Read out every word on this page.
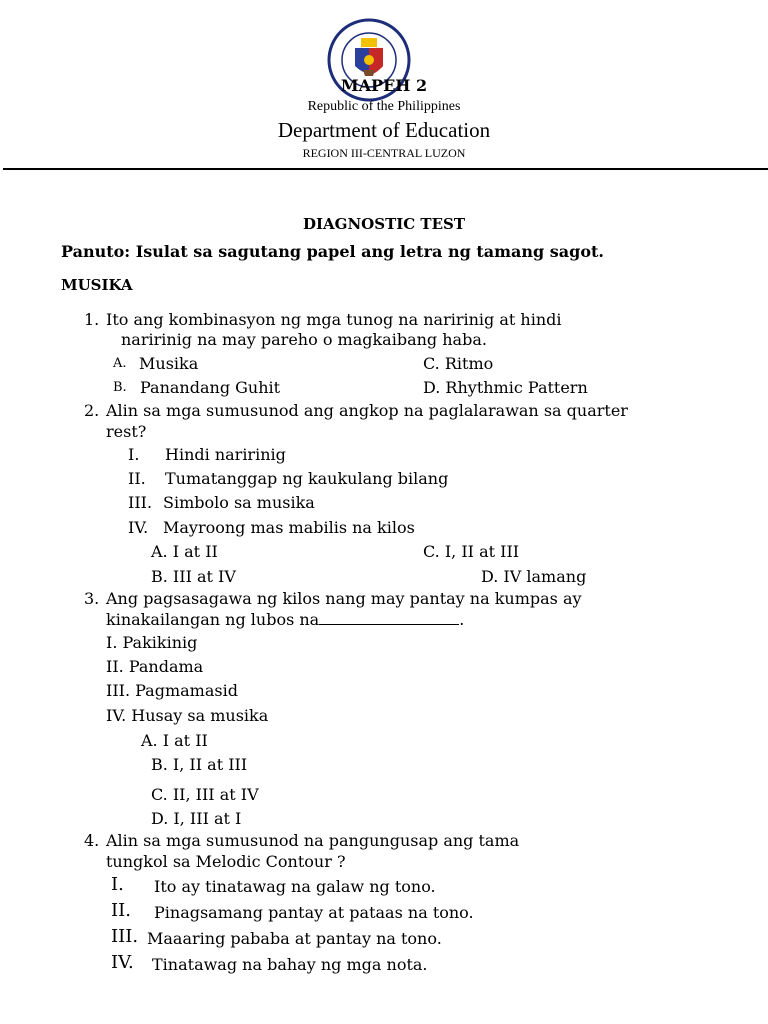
MAPEH 2
Republic of the Philippines
Department of Education
REGION III-CENTRAL LUZON
DIAGNOSTIC TEST
Panuto: Isulat sa sagutang papel ang letra ng tamang sagot.
MUSIKA
1. Ito ang kombinasyon ng mga tunog na naririnig at hindi
naririnig na may pareho o magkaibang haba.
A. Musika	C. Ritmo
B. Panandang Guhit	D. Rhythmic Pattern
2. Alin sa mga sumusunod ang angkop na paglalarawan sa quarter
rest?
I. Hindi naririnig
II. Tumatanggap ng kaukulang bilang
III. Simbolo sa musika
IV. Mayroong mas mabilis na kilos
A. I at II	C. I, II at III
B. III at IV	D. IV lamang
3. Ang pagsasagawa ng kilos nang may pantay na kumpas ay
kinakailangan ng lubos na	.
I. Pakikinig
II. Pandama
III. Pagmamasid
IV. Husay sa musika
A. I at II
B. I, II at III
C. II, III at IV
D. I, III at I
4. Alin sa mga sumusunod na pangungusap ang tama
tungkol sa Melodic Contour ?
I. Ito ay tinatawag na galaw ng tono.
II. Pinagsamang pantay at pataas na tono.
III. Maaaring pababa at pantay na tono.
IV. Tinatawag na bahay ng mga nota.
